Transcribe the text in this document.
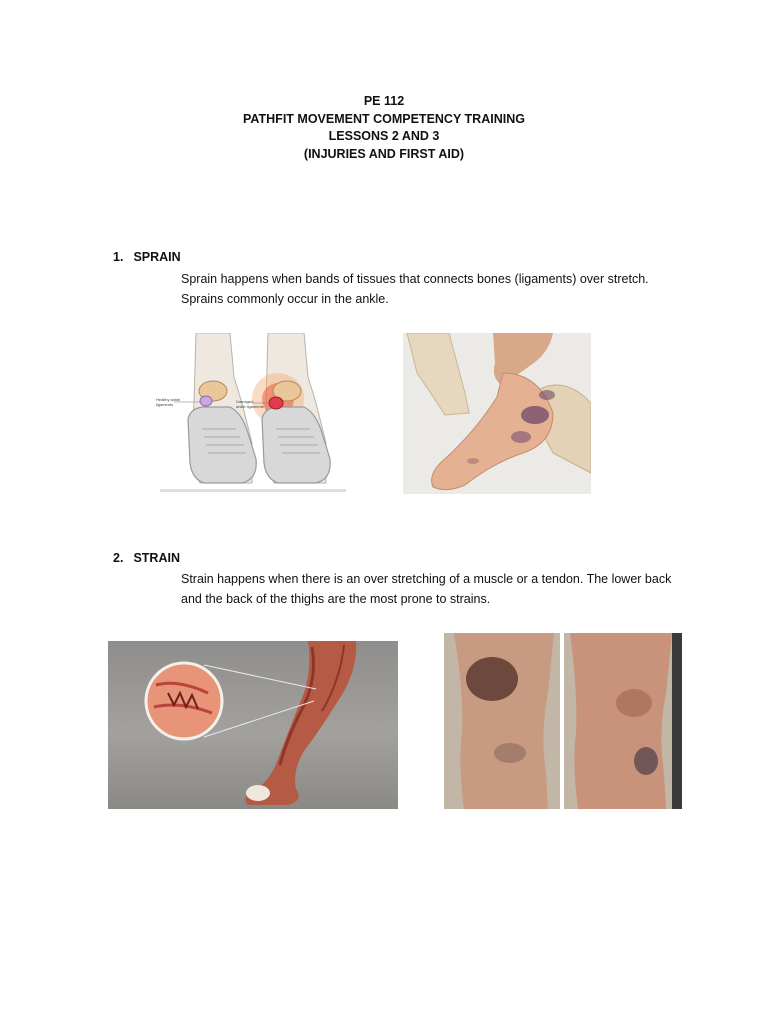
PE 112
PATHFIT MOVEMENT COMPETENCY TRAINING
LESSONS 2 AND 3
(INJURIES AND FIRST AID)
1. SPRAIN
Sprain happens when bands of tissues that connects bones (ligaments) over stretch.
Sprains commonly occur in the ankle.
Healthy ankle ligaments
Damaged ankle ligaments
2. STRAIN
Strain happens when there is an over stretching of a muscle or a tendon. The lower back
and the back of the thighs are the most prone to strains.
